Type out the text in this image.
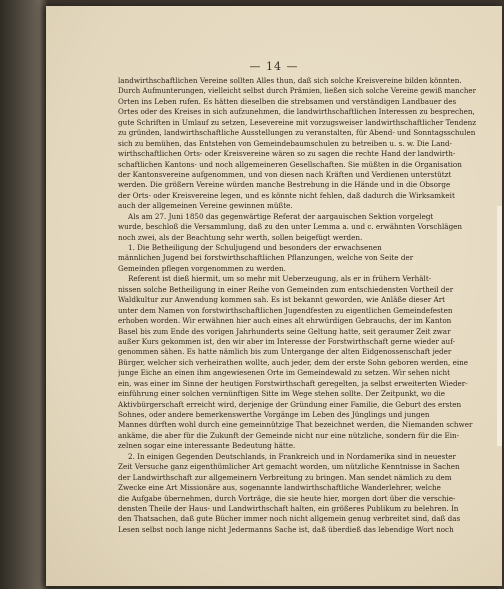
— 14 —
landwirthschaftlichen Vereine sollten Alles thun, daß sich solche Kreisvereine bilden könnten.
Durch Aufmunterungen, vielleicht selbst durch Prämien, ließen sich solche Vereine gewiß mancher
Orten ins Leben rufen. Es hätten dieselben die strebsamen und verständigen Landbauer des
Ortes oder des Kreises in sich aufzunehmen, die landwirthschaftlichen Interessen zu besprechen,
gute Schriften in Umlauf zu setzen, Lesevereine mit vorzugsweiser landwirthschaftlicher Tendenz
zu gründen, landwirthschaftliche Ausstellungen zu veranstalten, für Abend- und Sonntagsschulen
sich zu bemühen, das Entstehen von Gemeindebaumschulen zu betreiben u. s. w. Die Land-
wirthschaftlichen Orts- oder Kreisvereine wären so zu sagen die rechte Hand der landwirth-
schaftlichen Kantons- und noch allgemeineren Gesellschaften. Sie müßten in die Organisation
der Kantonsvereine aufgenommen, und von diesen nach Kräften und Verdienen unterstützt
werden. Die größern Vereine würden manche Bestrebung in die Hände und in die Obsorge
der Orts- oder Kreisvereine legen, und es könnte nicht fehlen, daß dadurch die Wirksamkeit
auch der allgemeinen Vereine gewinnen müßte.
Als am 27. Juni 1850 das gegenwärtige Referat der aargauischen Sektion vorgelegt
wurde, beschloß die Versammlung, daß zu den unter Lemma a. und c. erwähnten Vorschlägen
noch zwei, als der Beachtung sehr werth, sollen beigefügt werden.
1. Die Betheiligung der Schuljugend und besonders der erwachsenen
männlichen Jugend bei forstwirthschaftlichen Pflanzungen, welche von Seite der
Gemeinden pflegen vorgenommen zu werden.
Referent ist dieß hiermit, um so mehr mit Ueberzeugung, als er in frühern Verhält-
nissen solche Betheiligung in einer Reihe von Gemeinden zum entschiedensten Vortheil der
Waldkultur zur Anwendung kommen sah. Es ist bekannt geworden, wie Anläße dieser Art
unter dem Namen von forstwirthschaftlichen Jugendfesten zu eigentlichen Gemeindefesten
erhoben worden. Wir erwähnen hier auch eines alt ehrwürdigen Gebrauchs, der im Kanton
Basel bis zum Ende des vorigen Jahrhunderts seine Geltung hatte, seit geraumer Zeit zwar
außer Kurs gekommen ist, den wir aber im Interesse der Forstwirthschaft gerne wieder auf-
genommen sähen. Es hatte nämlich bis zum Untergange der alten Eidgenossenschaft jeder
Bürger, welcher sich verheirathen wollte, auch jeder, dem der erste Sohn geboren werden, eine
junge Eiche an einen ihm angewiesenen Orte im Gemeindewald zu setzen. Wir sehen nicht
ein, was einer im Sinne der heutigen Forstwirthschaft geregelten, ja selbst erweiterten Wieder-
einführung einer solchen vernünftigen Sitte im Wege stehen sollte. Der Zeitpunkt, wo die
Aktivbürgerschaft erreicht wird, derjenige der Gründung einer Familie, die Geburt des ersten
Sohnes, oder andere bemerkenswerthe Vorgänge im Leben des Jünglings und jungen
Mannes dürften wohl durch eine gemeinnützige That bezeichnet werden, die Niemanden schwer
ankäme, die aber für die Zukunft der Gemeinde nicht nur eine nützliche, sondern für die Ein-
zelnen sogar eine interessante Bedeutung hätte.
2. In einigen Gegenden Deutschlands, in Frankreich und in Nordamerika sind in neuester
Zeit Versuche ganz eigenthümlicher Art gemacht worden, um nützliche Kenntnisse in Sachen
der Landwirthschaft zur allgemeinern Verbreitung zu bringen. Man sendet nämlich zu dem
Zwecke eine Art Missionäre aus, sogenannte landwirthschaftliche Wanderlehrer, welche
die Aufgabe übernehmen, durch Vorträge, die sie heute hier, morgen dort über die verschie-
densten Theile der Haus- und Landwirthschaft halten, ein größeres Publikum zu belehren. In
den Thatsachen, daß gute Bücher immer noch nicht allgemein genug verbreitet sind, daß das
Lesen selbst noch lange nicht Jedermanns Sache ist, daß überdieß das lebendige Wort noch
